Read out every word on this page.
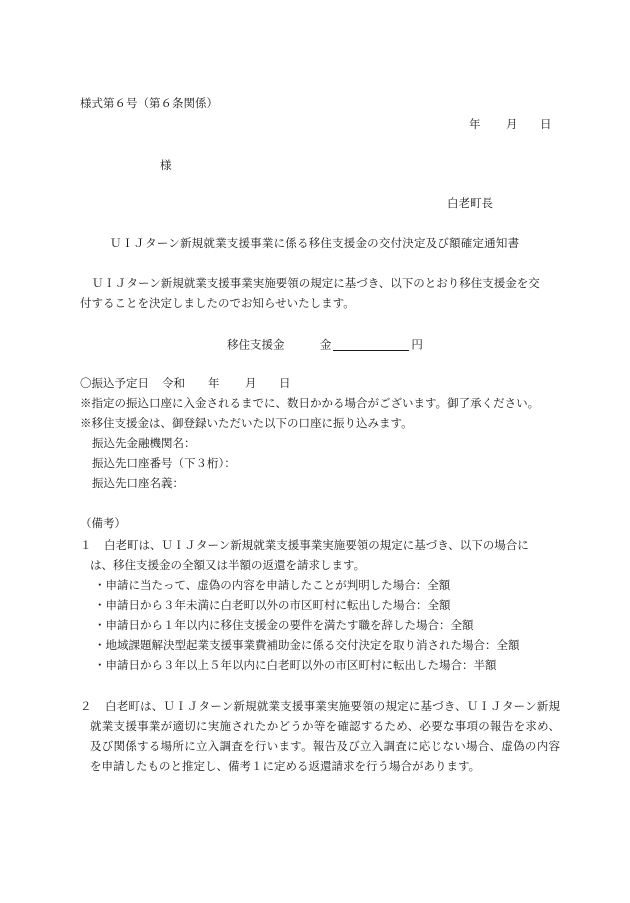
様式第６号（第６条関係）
年 月 日
様
白老町長
ＵＩＪターン新規就業支援事業に係る移住支援金の交付決定及び額確定通知書
ＵＩＪターン新規就業支援事業実施要領の規定に基づき、以下のとおり移住支援金を交
付することを決定しましたのでお知らせいたします。
移住支援金	金	円
〇振込予定日 令和 年 月 日
※指定の振込口座に入金されるまでに、数日かかる場合がございます。御了承ください。
※移住支援金は、御登録いただいた以下の口座に振り込みます。
振込先金融機関名：
振込先口座番号（下３桁）：
振込先口座名義：
（備考）
１ 白老町は、ＵＩＪターン新規就業支援事業実施要領の規定に基づき、以下の場合に
は、移住支援金の全額又は半額の返還を請求します。
・申請に当たって、虚偽の内容を申請したことが判明した場合：全額
・申請日から３年未満に白老町以外の市区町村に転出した場合：全額
・申請日から１年以内に移住支援金の要件を満たす職を辞した場合：全額
・地域課題解決型起業支援事業費補助金に係る交付決定を取り消された場合：全額
・申請日から３年以上５年以内に白老町以外の市区町村に転出した場合：半額
２	白老町は、ＵＩＪターン新規就業支援事業実施要領の規定に基づき、ＵＩＪターン新規就業支援事業が適切に実施されたかどうか等を確認するため、必要な事項の報告を求め、及び関係する場所に立入調査を行います。報告及び立入調査に応じない場合、虚偽の内容を申請したものと推定し、備考１に定める返還請求を行う場合があります。
